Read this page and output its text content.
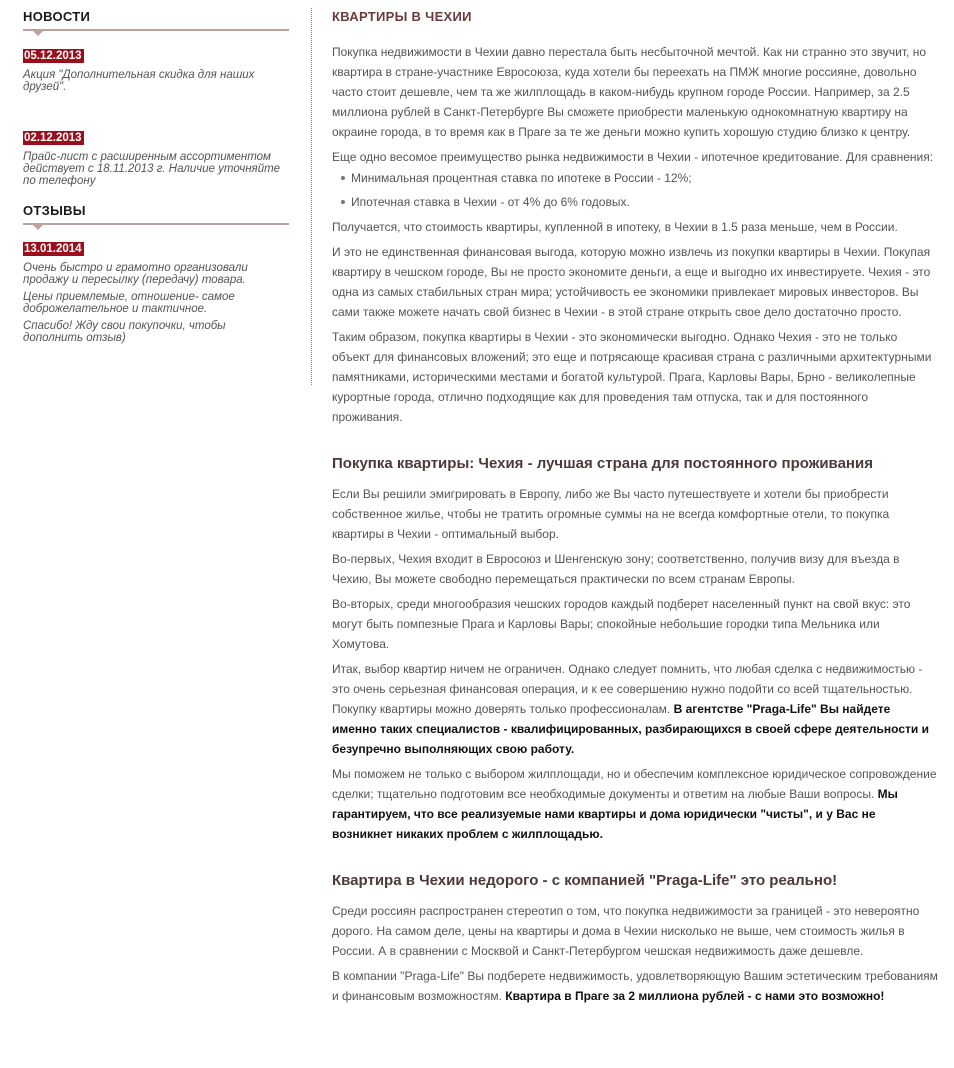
НОВОСТИ
05.12.2013
Акция "Дополнительная скидка для наших друзей".
02.12.2013
Прайс-лист с расширенным ассортиментом действует с 18.11.2013 г. Наличие уточняйте по телефону
ОТЗЫВЫ
13.01.2014
Очень быстро и грамотно организовали продажу и пересылку (передачу) товара.
Цены приемлемые, отношение- самое доброжелательное и тактичное.
Спасибо! Жду свои покупочки, чтобы дополнить отзыв)
КВАРТИРЫ В ЧЕХИИ

Покупка недвижимости в Чехии давно перестала быть несбыточной мечтой. Как ни странно это звучит, но квартира в стране-участнике Евросоюза, куда хотели бы переехать на ПМЖ многие россияне, довольно часто стоит дешевле, чем та же жилплощадь в каком-нибудь крупном городе России. Например, за 2.5 миллиона рублей в Санкт-Петербурге Вы сможете приобрести маленькую однокомнатную квартиру на окраине города, в то время как в Праге за те же деньги можно купить хорошую студию близко к центру.

Еще одно весомое преимущество рынка недвижимости в Чехии - ипотечное кредитование. Для сравнения:

Минимальная процентная ставка по ипотеке в России - 12%;
Ипотечная ставка в Чехии - от 4% до 6% годовых.

Получается, что стоимость квартиры, купленной в ипотеку, в Чехии в 1.5 раза меньше, чем в России.

И это не единственная финансовая выгода, которую можно извлечь из покупки квартиры в Чехии. Покупая квартиру в чешском городе, Вы не просто экономите деньги, а еще и выгодно их инвестируете. Чехия - это одна из самых стабильных стран мира; устойчивость ее экономики привлекает мировых инвесторов. Вы сами также можете начать свой бизнес в Чехии - в этой стране открыть свое дело достаточно просто.

Таким образом, покупка квартиры в Чехии - это экономически выгодно. Однако Чехия - это не только объект для финансовых вложений; это еще и потрясающе красивая страна с различными архитектурными памятниками, историческими местами и богатой культурой. Прага, Карловы Вары, Брно - великолепные курортные города, отлично подходящие как для проведения там отпуска, так и для постоянного проживания.

Покупка квартиры: Чехия - лучшая страна для постоянного проживания

Если Вы решили эмигрировать в Европу, либо же Вы часто путешествуете и хотели бы приобрести собственное жилье, чтобы не тратить огромные суммы на не всегда комфортные отели, то покупка квартиры в Чехии - оптимальный выбор.

Во-первых, Чехия входит в Евросоюз и Шенгенскую зону; соответственно, получив визу для въезда в Чехию, Вы можете свободно перемещаться практически по всем странам Европы.

Во-вторых, среди многообразия чешских городов каждый подберет населенный пункт на свой вкус: это могут быть помпезные Прага и Карловы Вары; спокойные небольшие городки типа Мельника или Хомутова.

Итак, выбор квартир ничем не ограничен. Однако следует помнить, что любая сделка с недвижимостью - это очень серьезная финансовая операция, и к ее совершению нужно подойти со всей тщательностью. Покупку квартиры можно доверять только профессионалам. В агентстве "Praga-Life" Вы найдете именно таких специалистов - квалифицированных, разбирающихся в своей сфере деятельности и безупречно выполняющих свою работу.

Мы поможем не только с выбором жилплощади, но и обеспечим комплексное юридическое сопровождение сделки; тщательно подготовим все необходимые документы и ответим на любые Ваши вопросы. Мы гарантируем, что все реализуемые нами квартиры и дома юридически "чисты", и у Вас не возникнет никаких проблем с жилплощадью.

Квартира в Чехии недорого - с компанией "Praga-Life" это реально!

Среди россиян распространен стереотип о том, что покупка недвижимости за границей - это невероятно дорого. На самом деле, цены на квартиры и дома в Чехии нисколько не выше, чем стоимость жилья в России. А в сравнении с Москвой и Санкт-Петербургом чешская недвижимость даже дешевле.

В компании "Praga-Life" Вы подберете недвижимость, удовлетворяющую Вашим эстетическим требованиям и финансовым возможностям. Квартира в Праге за 2 миллиона рублей - с нами это возможно!
